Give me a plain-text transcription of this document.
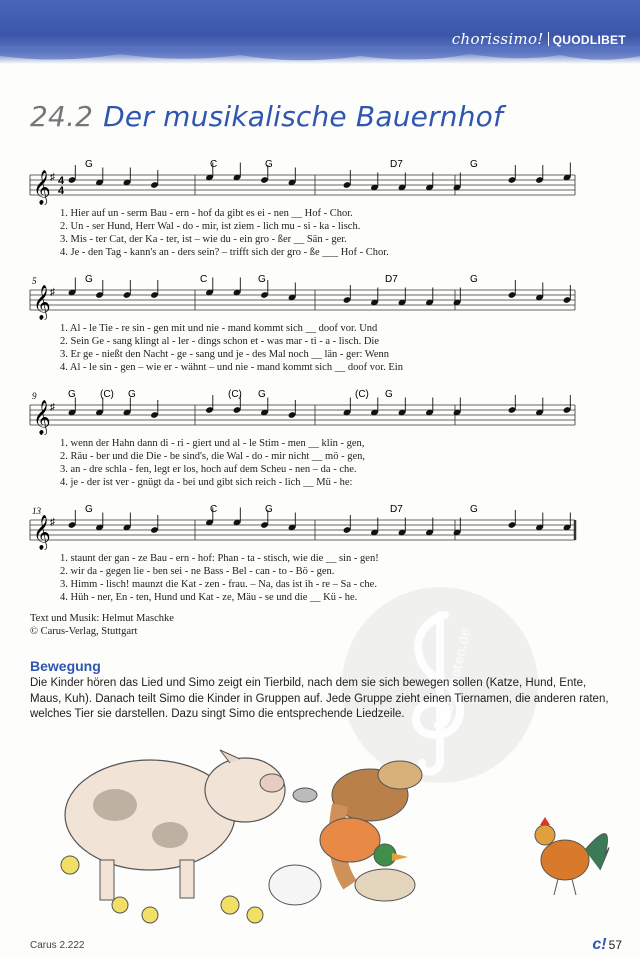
chorissimo! QUODLIBET
24.2 Der musikalische Bauernhof
G	C	G	D7	G
𝄞 ♯ 4
4
1. Hier auf un - serm Bau - ern - hof da gibt es ei - nen __ Hof - Chor.
2. Un - ser Hund, Herr Wal - do - mir, ist ziem - lich mu - si - ka - lisch.
3. Mis - ter Cat, der Ka - ter, ist – wie du - ein gro - ßer __ Sän - ger.
4. Je - den Tag - kann's an - ders sein? – trifft sich der gro - ße ___ Hof - Chor.
G	C	G	D7	G
5
𝄞 ♯
1. Al - le Tie - re sin - gen mit und nie - mand kommt sich __ doof vor. Und
2. Sein Ge - sang klingt al - ler - dings schon et - was mar - ti - a - lisch. Die
3. Er ge - nießt den Nacht - ge - sang und je - des Mal noch __ län - ger: Wenn
4. Al - le sin - gen – wie er - wähnt – und nie - mand kommt sich __ doof vor. Ein
G (C) G	(C) G	(C) G
9
𝄞 ♯
1. wenn der Hahn dann di - ri - giert und al - le Stim - men __ klin - gen,
2. Räu - ber und die Die - be sind's, die Wal - do - mir nicht __ mö - gen,
3. an - dre schla - fen, legt er los, hoch auf dem Scheu - nen – da - che.
4. je - der ist ver - gnügt da - bei und gibt sich reich - lich __ Mü - he:
G	C	G	D7	G
13
𝄞 ♯
1. staunt der gan - ze Bau - ern - hof: Phan - ta - stisch, wie die __ sin - gen!
2. wir da - gegen lie - ben sei - ne Bass - Bel - can - to - Bö - gen.
3. Himm - lisch! maunzt die Kat - zen - frau. – Na, das ist ih - re – Sa - che.
4. Hüh - ner, En - ten, Hund und Kat - ze, Mäu - se und die __ Kü - he.
Text und Musik: Helmut Maschke
© Carus-Verlag, Stuttgart	alle-noten.de
Bewegung
Die Kinder hören das Lied und Simo zeigt ein Tierbild, nach dem sie sich bewegen sollen (Katze, Hund, Ente, Maus, Kuh). Danach teilt Simo die Kinder in Gruppen auf. Jede Gruppe zieht einen Tiernamen, die anderen raten, welches Tier sie darstellen. Dazu singt Simo die entsprechende Liedzeile.
Carus 2.222	c! 57
